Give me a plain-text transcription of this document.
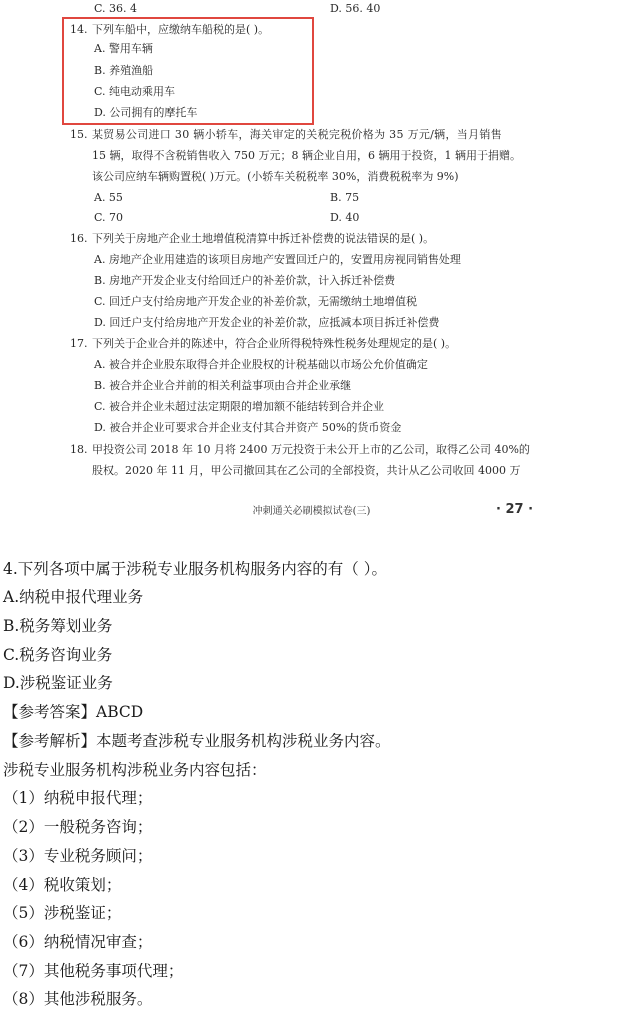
C. 36. 4	D. 56. 40
14. 下列车船中，应缴纳车船税的是( )。
A. 警用车辆
B. 养殖渔船
C. 纯电动乘用车
D. 公司拥有的摩托车
15. 某贸易公司进口 30 辆小轿车，海关审定的关税完税价格为 35 万元/辆，当月销售
15 辆，取得不含税销售收入 750 万元；8 辆企业自用，6 辆用于投资，1 辆用于捐赠。
该公司应纳车辆购置税( )万元。(小轿车关税税率 30%，消费税税率为 9%)
A. 55	B. 75
C. 70	D. 40
16. 下列关于房地产企业土地增值税清算中拆迁补偿费的说法错误的是( )。
A. 房地产企业用建造的该项目房地产安置回迁户的，安置用房视同销售处理
B. 房地产开发企业支付给回迁户的补差价款，计入拆迁补偿费
C. 回迁户支付给房地产开发企业的补差价款，无需缴纳土地增值税
D. 回迁户支付给房地产开发企业的补差价款，应抵减本项目拆迁补偿费
17. 下列关于企业合并的陈述中，符合企业所得税特殊性税务处理规定的是( )。
A. 被合并企业股东取得合并企业股权的计税基础以市场公允价值确定
B. 被合并企业合并前的相关利益事项由合并企业承继
C. 被合并企业未超过法定期限的增加额不能结转到合并企业
D. 被合并企业可要求合并企业支付其合并资产 50%的货币资金
18. 甲投资公司 2018 年 10 月将 2400 万元投资于未公开上市的乙公司，取得乙公司 40%的
股权。2020 年 11 月，甲公司撤回其在乙公司的全部投资，共计从乙公司收回 4000 万
冲刺通关必刷模拟试卷(三)	· 27 ·
4.下列各项中属于涉税专业服务机构服务内容的有（ ）。
A.纳税申报代理业务
B.税务筹划业务
C.税务咨询业务
D.涉税鉴证业务
【参考答案】ABCD
【参考解析】本题考查涉税专业服务机构涉税业务内容。
涉税专业服务机构涉税业务内容包括：
（1）纳税申报代理；
（2）一般税务咨询；
（3）专业税务顾问；
（4）税收策划；
（5）涉税鉴证；
（6）纳税情况审查；
（7）其他税务事项代理；
（8）其他涉税服务。
